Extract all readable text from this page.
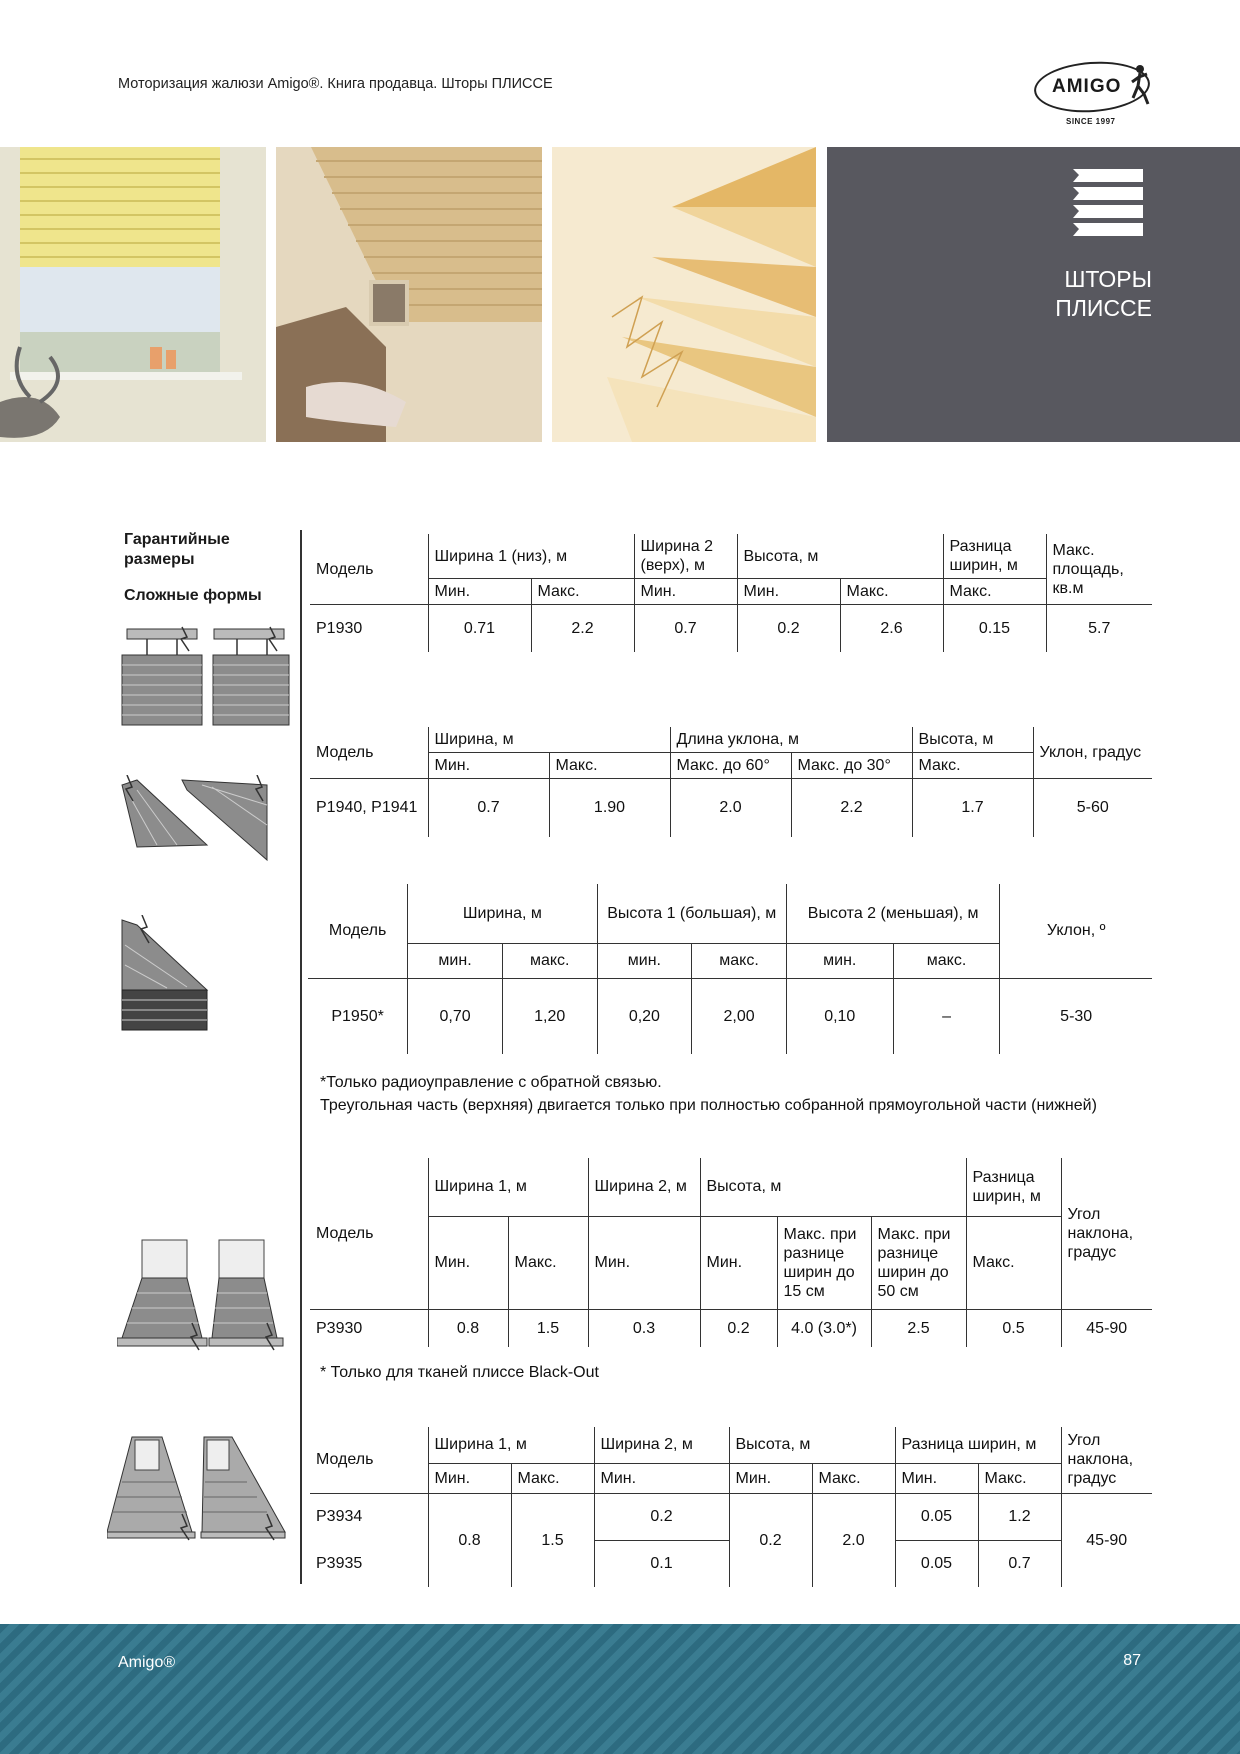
Моторизация жалюзи Amigo®. Книга продавца. Шторы ПЛИССЕ	AMIGO
SINCE 1997
ШТОРЫ
ПЛИССЕ
Гарантийные размеры
Сложные формы
Модель	Ширина 1 (низ), м		Ширина 2 (верх), м	Высота, м		Разница ширин, м	Макс. площадь, кв.м
	Мин.	Макс.	Мин.	Мин.	Макс.	Макс.	
P1930	0.71	2.2	0.7	0.2	2.6	0.15	5.7
Модель	Ширина, м		Длина уклона, м		Высота, м	Уклон, градус
	Мин.	Макс.	Макс. до 60°	Макс. до 30°	Макс.	
P1940, P1941	0.7	1.90	2.0	2.2	1.7	5-60
Модель	Ширина, м		Высота 1 (большая), м		Высота 2 (меньшая), м		Уклон, º
	мин.	макс.	мин.	макс.	мин.	макс.	
P1950*	0,70	1,20	0,20	2,00	0,10	–	5-30
*Только радиоуправление с обратной связью.
Треугольная часть (верхняя) двигается только при полностью собранной прямоугольной части (нижней)
Модель	Ширина 1, м		Ширина 2, м	Высота, м			Разница ширин, м	Угол наклона, градус
	Мин.	Макс.	Мин.	Мин.	Макс. при разнице ширин до 15 см	Макс. при разнице ширин до 50 см	Макс.	
P3930	0.8	1.5	0.3	0.2	4.0 (3.0*)	2.5	0.5	45-90
* Только для тканей плиссе Black-Out
Модель	Ширина 1, м		Ширина 2, м	Высота, м		Разница ширин, м		Угол наклона, градус
	Мин.	Макс.	Мин.	Мин.	Макс.	Мин.	Макс.	
P3934	0.8	1.5	0.2	0.2	2.0	0.05	1.2	45-90
P3935			0.1			0.05	0.7	
Amigo®	87
